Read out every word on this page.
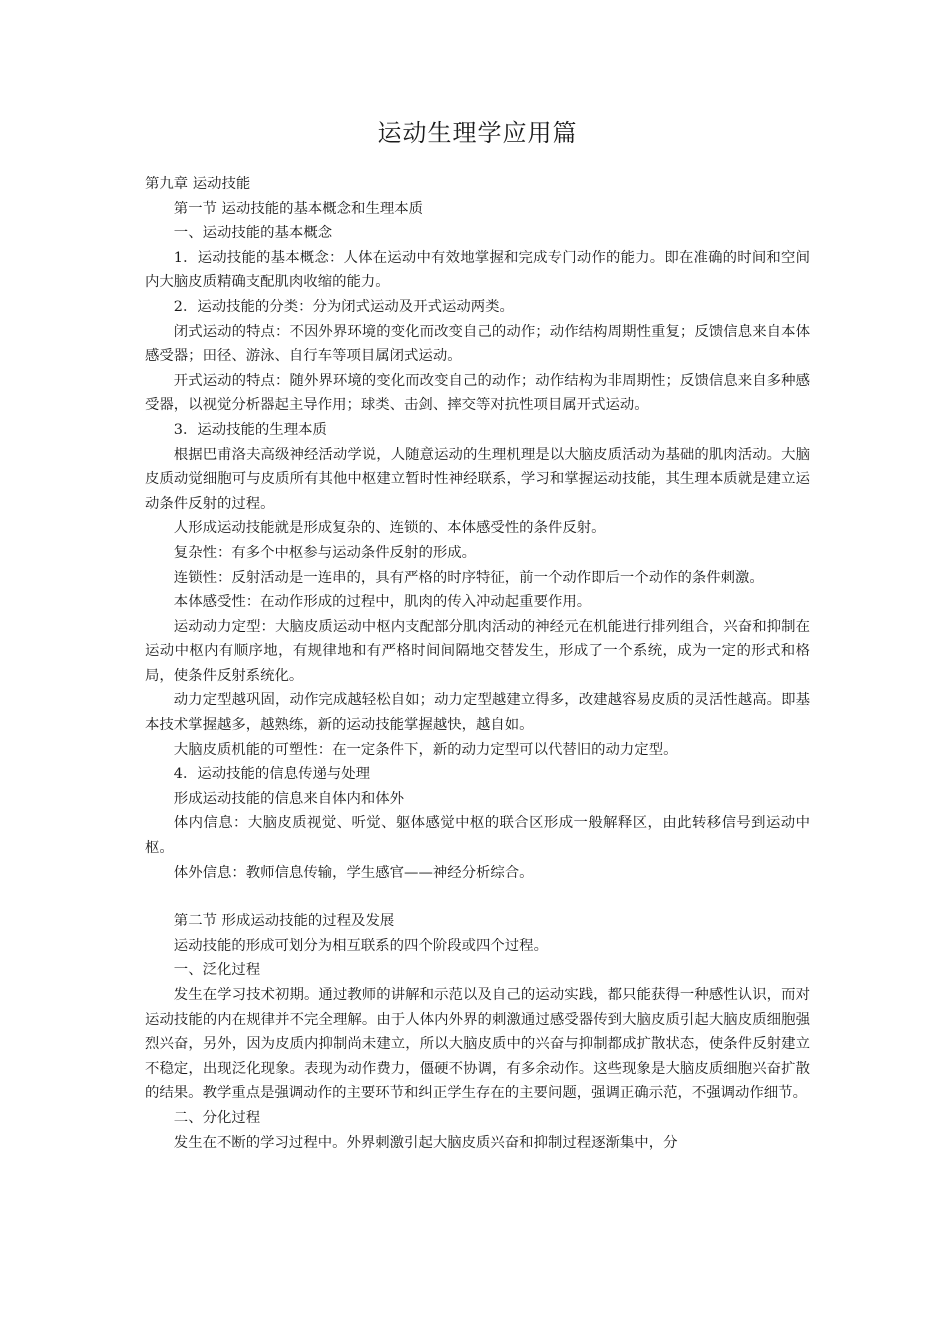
运动生理学应用篇

第九章 运动技能

第一节 运动技能的基本概念和生理本质

一、运动技能的基本概念

1．运动技能的基本概念：人体在运动中有效地掌握和完成专门动作的能力。即在准确的时间和空间内大脑皮质精确支配肌肉收缩的能力。

2．运动技能的分类：分为闭式运动及开式运动两类。

闭式运动的特点：不因外界环境的变化而改变自己的动作；动作结构周期性重复；反馈信息来自本体感受器；田径、游泳、自行车等项目属闭式运动。

开式运动的特点：随外界环境的变化而改变自己的动作；动作结构为非周期性；反馈信息来自多种感受器，以视觉分析器起主导作用；球类、击剑、摔交等对抗性项目属开式运动。

3．运动技能的生理本质

根据巴甫洛夫高级神经活动学说，人随意运动的生理机理是以大脑皮质活动为基础的肌肉活动。大脑皮质动觉细胞可与皮质所有其他中枢建立暂时性神经联系，学习和掌握运动技能，其生理本质就是建立运动条件反射的过程。

人形成运动技能就是形成复杂的、连锁的、本体感受性的条件反射。

复杂性：有多个中枢参与运动条件反射的形成。

连锁性：反射活动是一连串的，具有严格的时序特征，前一个动作即后一个动作的条件刺激。

本体感受性：在动作形成的过程中，肌肉的传入冲动起重要作用。

运动动力定型：大脑皮质运动中枢内支配部分肌肉活动的神经元在机能进行排列组合，兴奋和抑制在运动中枢内有顺序地，有规律地和有严格时间间隔地交替发生，形成了一个系统，成为一定的形式和格局，使条件反射系统化。

动力定型越巩固，动作完成越轻松自如；动力定型越建立得多，改建越容易皮质的灵活性越高。即基本技术掌握越多，越熟练，新的运动技能掌握越快，越自如。

大脑皮质机能的可塑性：在一定条件下，新的动力定型可以代替旧的动力定型。

4．运动技能的信息传递与处理

形成运动技能的信息来自体内和体外

体内信息：大脑皮质视觉、听觉、躯体感觉中枢的联合区形成一般解释区，由此转移信号到运动中枢。

体外信息：教师信息传输，学生感官——神经分析综合。

第二节 形成运动技能的过程及发展

运动技能的形成可划分为相互联系的四个阶段或四个过程。

一、泛化过程

发生在学习技术初期。通过教师的讲解和示范以及自己的运动实践，都只能获得一种感性认识，而对运动技能的内在规律并不完全理解。由于人体内外界的刺激通过感受器传到大脑皮质引起大脑皮质细胞强烈兴奋，另外，因为皮质内抑制尚未建立，所以大脑皮质中的兴奋与抑制都成扩散状态，使条件反射建立不稳定，出现泛化现象。表现为动作费力，僵硬不协调，有多余动作。这些现象是大脑皮质细胞兴奋扩散的结果。教学重点是强调动作的主要环节和纠正学生存在的主要问题，强调正确示范，不强调动作细节。

二、分化过程

发生在不断的学习过程中。外界刺激引起大脑皮质兴奋和抑制过程逐渐集中，分
